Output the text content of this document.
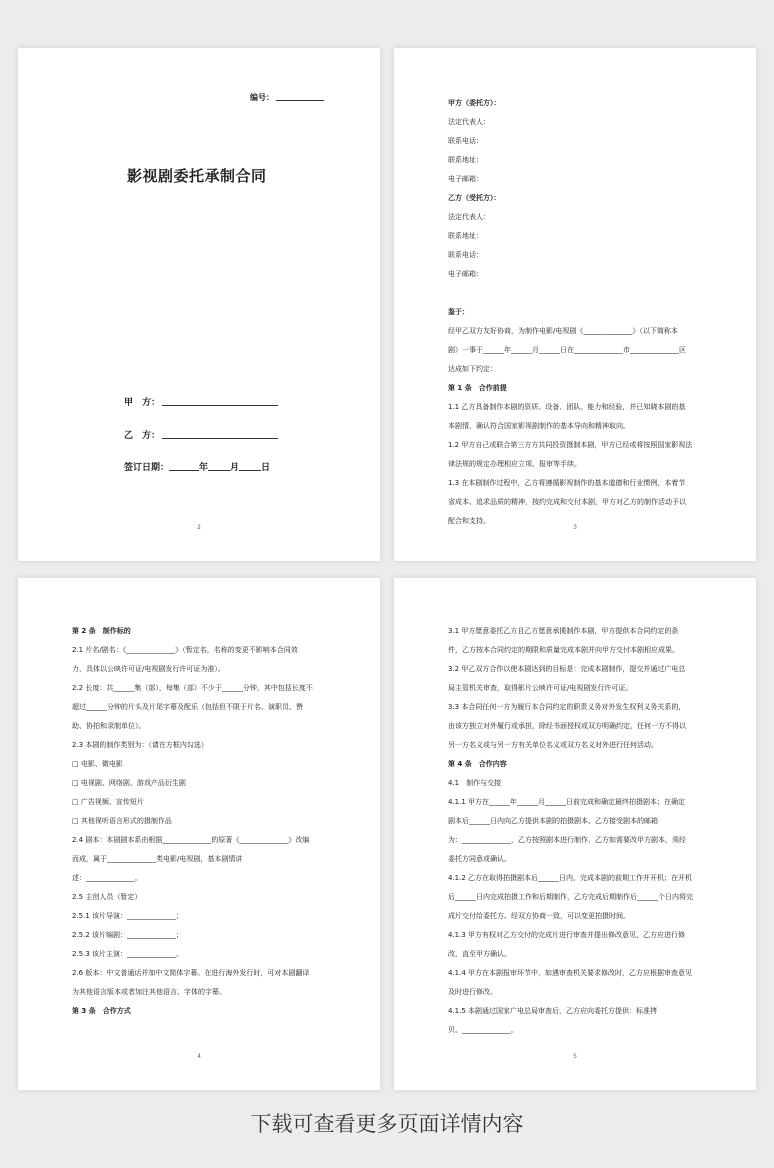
编号：
影视剧委托承制合同
甲　方：
乙　方：
签订日期：	年 月 日
2
甲方（委托方）：
法定代表人：
联系电话：
联系地址：
电子邮箱：
乙方（受托方）：
法定代表人：
联系地址：
联系电话：
电子邮箱：

鉴于：
经甲乙双方友好协商，为制作电影/电视剧《______________》（以下简称本
剧）一事于______年______月______日在______________市______________区
达成如下约定：
第 1 条　合作前提
1.1 乙方具备制作本剧的资质、设备、团队、能力和经验，并已知晓本剧的基
本剧情，确认符合国家影视剧制作的基本导向和精神取向。
1.2 甲方自己或联合第三方方共同投资摄制本剧，甲方已经或将按照国家影视法
律法规的规定办理相应立项、报审等手续。
1.3 在本剧制作过程中，乙方将遵循影视制作的基本道德和行业惯例，本着节
省成本、追求品质的精神，按约完成和交付本剧，甲方对乙方的制作活动予以
配合和支持。
3
第 2 条　制作标的
2.1 片名/剧名：《______________》（暂定名，名称的变更不影响本合同效
力，具体以公映许可证/电视剧发行许可证为准）。
2.2 长度：共______集（部），每集（部）不少于______分钟，其中包括长度不
超过______分钟的片头及片尾字幕及配乐（包括但不限于片名、演职员、赞
助、协拍和录制单位）。
2.3 本剧的制作类别为：（请在方框内勾选）
□ 电影、微电影
□ 电视剧、网络剧、游戏产品衍生剧
□ 广告视频、宣传短片
□ 其他视听语言形式的摄制作品
2.4 剧本：本剧剧本系由根据______________的原著《______________》改编
而成，属于______________类电影/电视剧，基本剧情讲
述：______________。
2.5 主创人员（暂定）
2.5.1 该片导演：______________；
2.5.2 该片编剧：______________；
2.5.3 该片主演：______________。
2.6 版本：中文普通话并加中文简体字幕。在进行海外发行时，可对本剧翻译
为其他语言版本或者加注其他语言、字体的字幕。
第 3 条　合作方式
4
3.1 甲方愿意委托乙方且乙方愿意承揽制作本剧，甲方提供本合同约定的条
件，乙方按本合同约定的期限和质量完成本剧并向甲方交付本剧相应成果。
3.2 甲乙双方合作以使本剧达到的目标是：完成本剧制作，提交并通过广电总
局主管机关审查，取得影片公映许可证/电视剧发行许可证。
3.3 本合同任何一方为履行本合同约定的职责义务对外发生权利义务关系的，
由该方独立对外履行或承担，除经书面授权或双方明确约定，任何一方不得以
另一方名义或与另一方有关单位名义或双方名义对外进行任何活动。
第 4 条　合作内容
4.1　制作与交接
4.1.1 甲方在______年______月______日前完成和确定最终拍摄剧本；在确定
剧本后______日内向乙方提供本剧的拍摄剧本、乙方接受剧本的邮箱
为：______________，乙方按照剧本进行制作，乙方如需要改甲方剧本，须经
委托方同意或确认。
4.1.2 乙方在取得拍摄剧本后______日内，完成本剧的前期工作并开机；在开机
后______日内完成拍摄工作和后期制作，乙方完成后期制作后______个日内将完
成片交付给委托方。经双方协商一致，可以变更拍摄时间。
4.1.3 甲方有权对乙方交付的完成片进行审查并提出修改意见，乙方应进行修
改，直至甲方确认。
4.1.4 甲方在本剧报审环节中，如遇审查机关要求修改时，乙方应根据审查意见
及时进行修改。
4.1.5 本剧通过国家广电总局审查后，乙方应向委托方提供：标准拷
贝、______________。
5
下载可查看更多页面详情内容
